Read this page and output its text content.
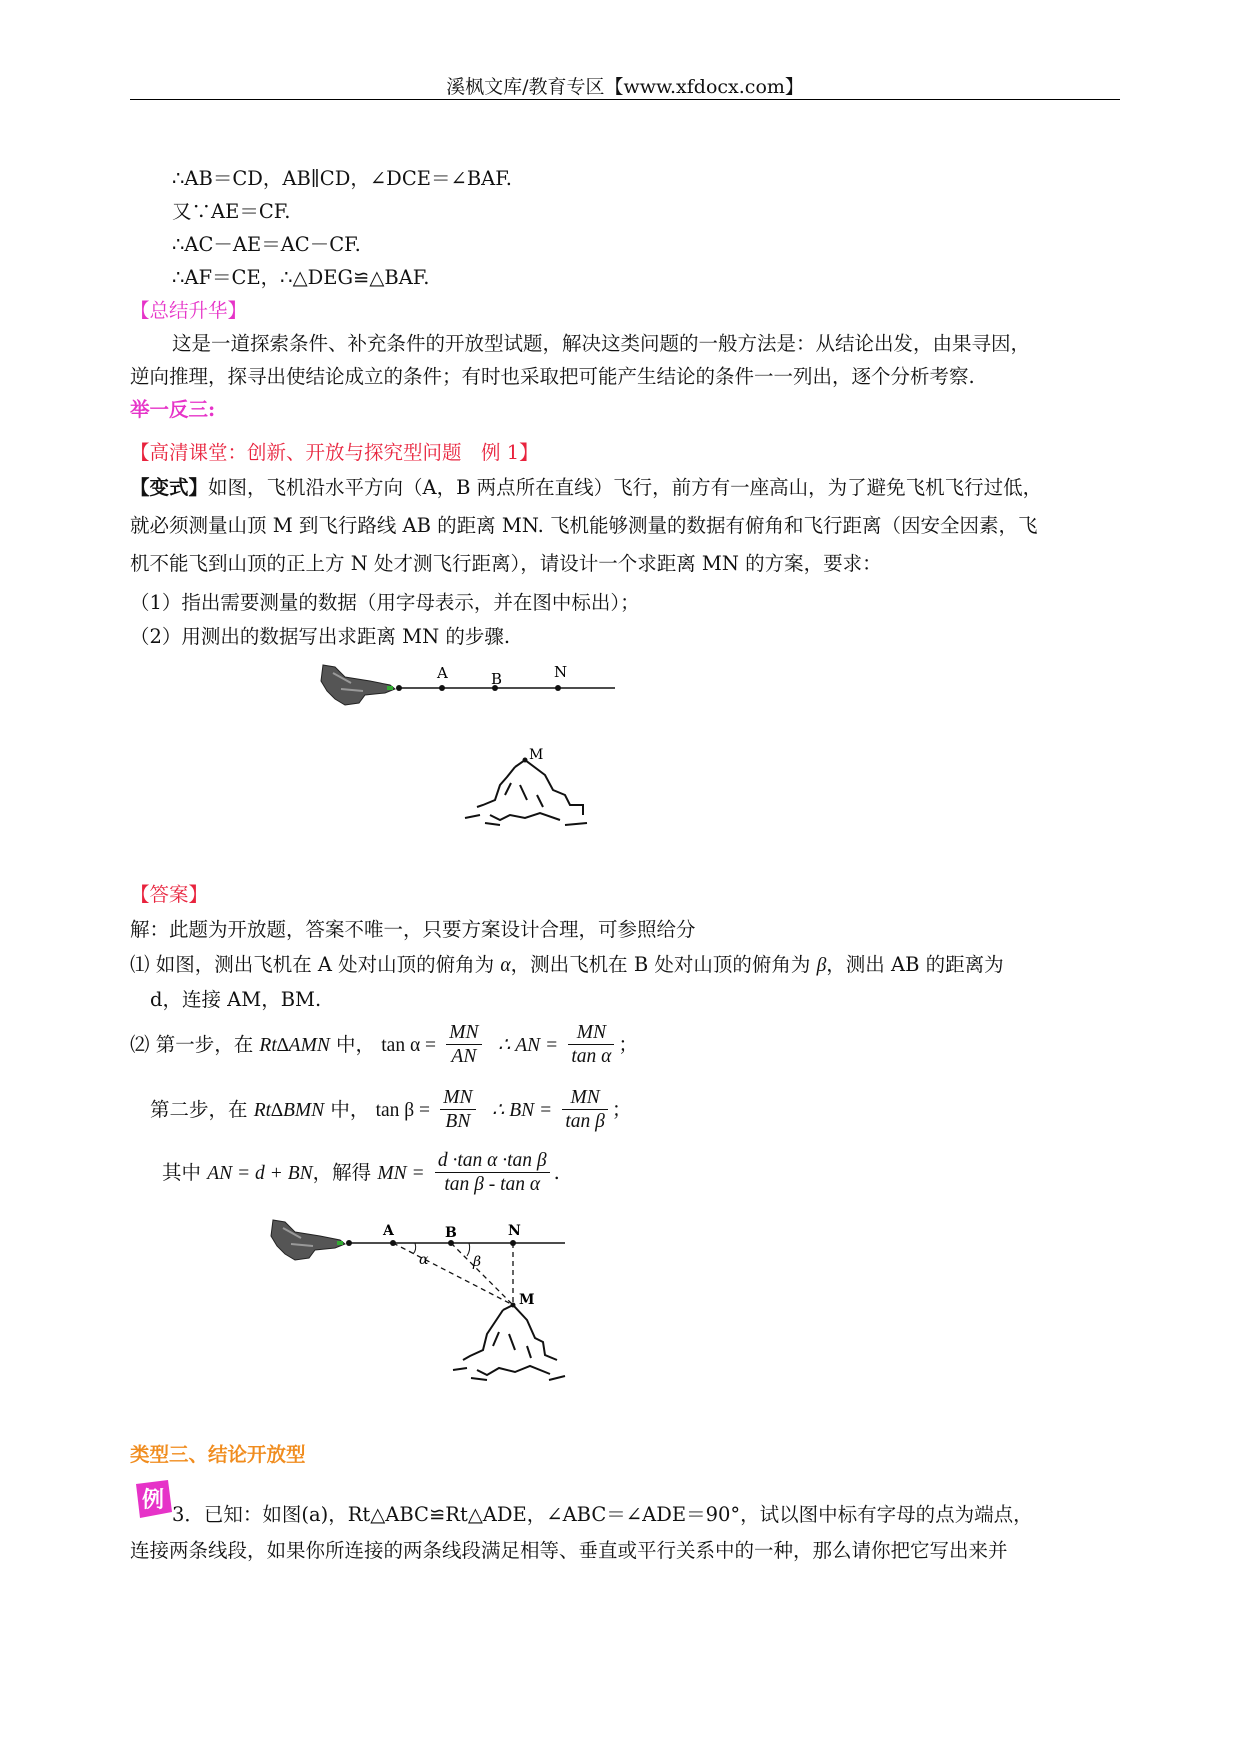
溪枫文库/教育专区【www.xfdocx.com】
∴AB＝CD，AB∥CD，∠DCE＝∠BAF.
又∵AE＝CF.
∴AC－AE＝AC－CF.
∴AF＝CE，∴△DEG≌△BAF.
【总结升华】
这是一道探索条件、补充条件的开放型试题，解决这类问题的一般方法是：从结论出发，由果寻因，
逆向推理，探寻出使结论成立的条件；有时也采取把可能产生结论的条件一一列出，逐个分析考察.
举一反三:
【高清课堂：创新、开放与探究型问题　例 1】
【变式】如图，飞机沿水平方向（A，B 两点所在直线）飞行，前方有一座高山，为了避免飞机飞行过低，
就必须测量山顶 M 到飞行路线 AB 的距离 MN. 飞机能够测量的数据有俯角和飞行距离（因安全因素，飞
机不能飞到山顶的正上方 N 处才测飞行距离），请设计一个求距离 MN 的方案，要求：
（1）指出需要测量的数据（用字母表示，并在图中标出）；
（2）用测出的数据写出求距离 MN 的步骤.
A	B	N
M
【答案】
解：此题为开放题，答案不唯一，只要方案设计合理，可参照给分
⑴ 如图，测出飞机在 A 处对山顶的俯角为 α，测出飞机在 B 处对山顶的俯角为 β，测出 AB 的距离为
d，连接 AM，BM.
⑵ 第一步，在 Rt∆AMN 中， $\tan \alpha = \frac{MN}{AN}$ ∴ AN = $\frac{MN}{\text{tan α}}$ ；
第二步，在 Rt∆BMN 中， $\tan \beta = \frac{MN}{BN}$ ∴ BN = $\frac{MN}{\text{tan β}}$ ；
其中 AN = d + BN，解得 MN = $\frac{\text{d ·tan α ·tan β}}{\text{tan β - tan α}}$ .
A	B	N
α	β
M
类型三、结论开放型
例
3．已知：如图(a)，Rt△ABC≌Rt△ADE，∠ABC＝∠ADE＝90°，试以图中标有字母的点为端点，
连接两条线段，如果你所连接的两条线段满足相等、垂直或平行关系中的一种，那么请你把它写出来并
